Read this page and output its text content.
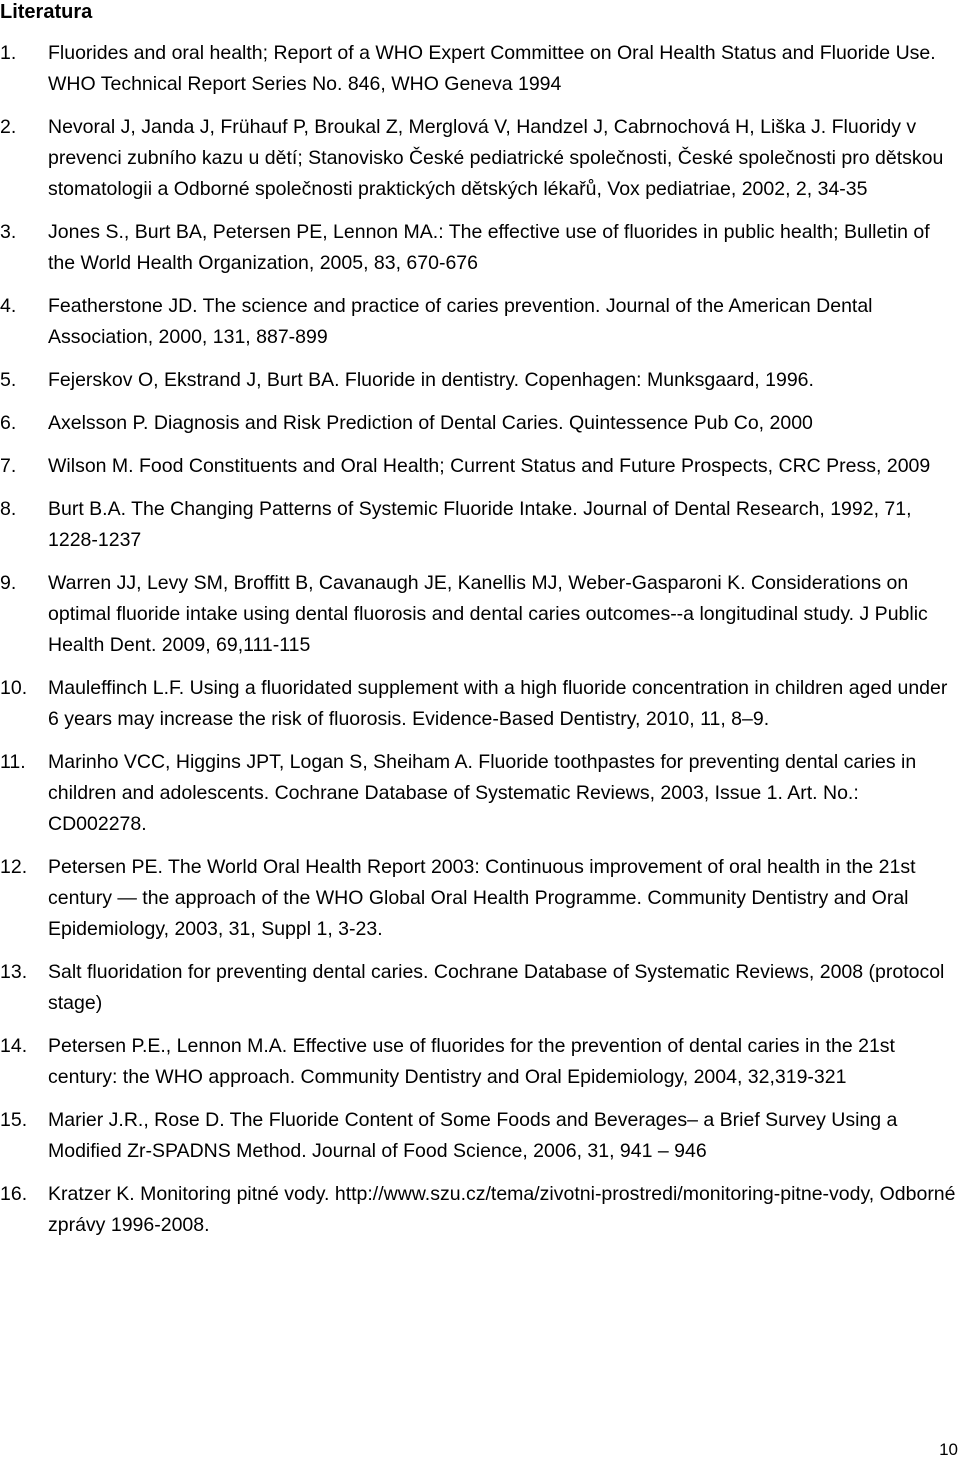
Literatura
1.	Fluorides and oral health; Report of a WHO Expert Committee on Oral Health Status and Fluoride Use. WHO Technical Report Series No. 846, WHO Geneva 1994
2.	Nevoral J, Janda J, Frühauf P, Broukal Z, Merglová V, Handzel J, Cabrnochová H, Liška J. Fluoridy v prevenci zubního kazu u dětí; Stanovisko České pediatrické společnosti, České společnosti pro dětskou stomatologii a Odborné společnosti praktických dětských lékařů, Vox pediatriae, 2002, 2, 34-35
3.	Jones S., Burt BA, Petersen PE, Lennon MA.: The effective use of fluorides in public health; Bulletin of the World Health Organization, 2005, 83, 670-676
4.	Featherstone JD. The science and practice of caries prevention. Journal of the American Dental Association, 2000, 131, 887-899
5.	Fejerskov O, Ekstrand J, Burt BA. Fluoride in dentistry. Copenhagen: Munksgaard, 1996.
6.	Axelsson P. Diagnosis and Risk Prediction of Dental Caries. Quintessence Pub Co, 2000
7.	Wilson M. Food Constituents and Oral Health; Current Status and Future Prospects, CRC Press, 2009
8.	Burt B.A. The Changing Patterns of Systemic Fluoride Intake. Journal of Dental Research, 1992, 71, 1228-1237
9.	Warren JJ, Levy SM, Broffitt B, Cavanaugh JE, Kanellis MJ, Weber-Gasparoni K. Considerations on optimal fluoride intake using dental fluorosis and dental caries outcomes--a longitudinal study. J Public Health Dent. 2009, 69,111-115
10.	Mauleffinch L.F. Using a fluoridated supplement with a high fluoride concentration in children aged under 6 years may increase the risk of fluorosis. Evidence-Based Dentistry, 2010, 11, 8–9.
11.	Marinho VCC, Higgins JPT, Logan S, Sheiham A. Fluoride toothpastes for preventing dental caries in children and adolescents. Cochrane Database of Systematic Reviews, 2003, Issue 1. Art. No.: CD002278.
12.	Petersen PE. The World Oral Health Report 2003: Continuous improvement of oral health in the 21st century — the approach of the WHO Global Oral Health Programme. Community Dentistry and Oral Epidemiology, 2003, 31, Suppl 1, 3-23.
13.	Salt fluoridation for preventing dental caries. Cochrane Database of Systematic Reviews, 2008 (protocol stage)
14.	Petersen P.E., Lennon M.A. Effective use of fluorides for the prevention of dental caries in the 21st century: the WHO approach. Community Dentistry and Oral Epidemiology, 2004, 32,319-321
15.	Marier J.R., Rose D. The Fluoride Content of Some Foods and Beverages– a Brief Survey Using a Modified Zr-SPADNS Method. Journal of Food Science, 2006, 31, 941 – 946
16.	Kratzer K. Monitoring pitné vody. http://www.szu.cz/tema/zivotni-prostredi/monitoring-pitne-vody, Odborné zprávy 1996-2008.
10
